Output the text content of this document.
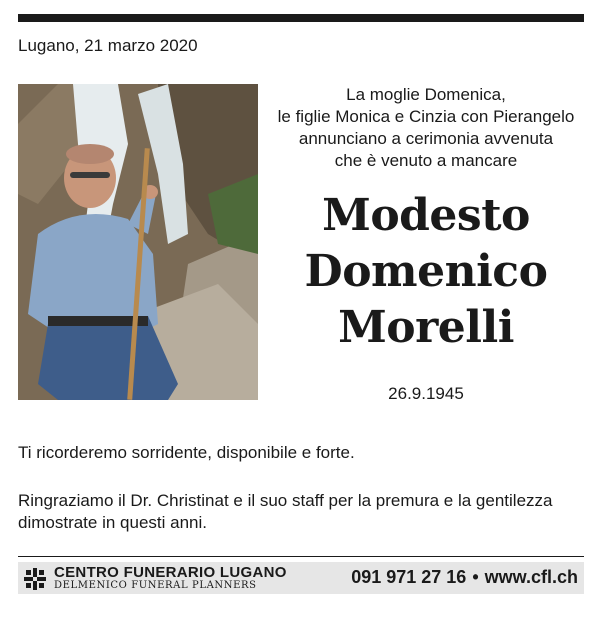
Lugano, 21 marzo 2020
La moglie Domenica,
le figlie Monica e Cinzia con Pierangelo
annunciano a cerimonia avvenuta
che è venuto a mancare
Modesto
Domenico
Morelli
26.9.1945
Ti ricorderemo sorridente, disponibile e forte.
Ringraziamo il Dr. Christinat e il suo staff per la premura e la gentilezza
dimostrate in questi anni.
CENTRO FUNERARIO LUGANO
DELMENICO FUNERAL PLANNERS	091 971 27 16 • www.cfl.ch
